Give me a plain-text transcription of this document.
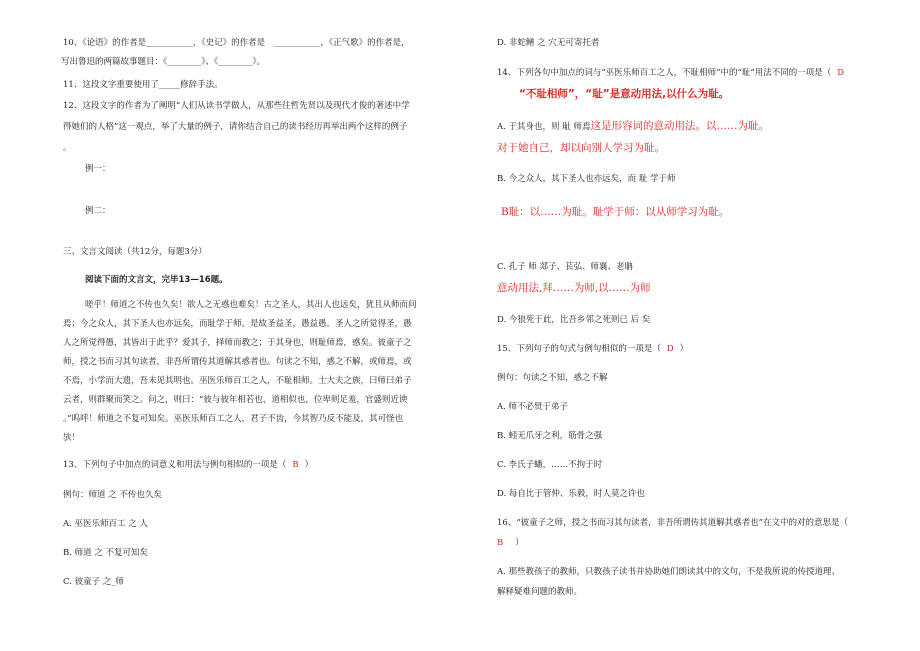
10、《论语》的作者是___________，《史记》的作者是　___________，《正气歌》的作者是，
写出鲁迅的两篇故事题目：《________》、《________》。
11、这段文字重要使用了_____修辞手法。
12、这段文字的作者为了阐明“人们从读书学做人，从那些往哲先贤以及现代才俊的著述中学
得她们的人格”这一观点，举了大量的例子，请你结合自己的读书经历再举出两个这样的例子
。
例一：
例二：
三、文言文阅读（共12分，每题3分）
阅读下面的文言文，完毕13—16题。
嗟乎！师道之不传也久矣！欲人之无惑也难矣！古之圣人，其出人也远矣，犹且从师而问
焉；今之众人，其下圣人也亦远矣，而耻学于师。是故圣益圣，愚益愚。圣人之所觉得圣，愚
人之所觉得愚，其皆出于此乎？爱其子，择师而教之；于其身也，则耻师焉，惑矣。彼童子之
师，授之书而习其句读者，非吾所谓传其道解其惑者也。句读之不知，惑之不解，或师焉，或
不焉，小学而大遗，吾未见其明也。巫医乐师百工之人，不耻相师。士大夫之族，曰师曰弟子
云者，则群聚而笑之。问之，则曰：“彼与彼年相若也，道相似也，位卑则足羞，官盛则近谀
。”呜呼！师道之不复可知矣。巫医乐师百工之人，君子不齿，今其智乃反不能及，其可怪也
欤！
13、下列句子中加点的词意义和用法与例句相似的一项是（ B ）
例句：师道 之 不传也久矣
A. 巫医乐师百工 之 人
B. 师道 之 不复可知矣
C. 彼童子 之_师
D. 非蛇鳝 之 穴无可寄托者
14、下列各句中加点的词与“巫医乐师百工之人，不耻相师”中的“耻”用法不同的一项是（ D
“不耻相师”，“耻”是意动用法,以什么为耻。
A. 于其身也，则 耻 师焉这是形容词的意动用法。以……为耻。
对于她自己，却以向别人学习为耻。
B. 今之众人，其下圣人也亦远矣，而 耻 学于师
B耻：以……为耻。耻学于师：以从师学习为耻。
C. 孔子 师 郯子、苌弘、师襄、老聃
意动用法,拜……为师,以……为师
D. 今狼死于此，比吾乡邻之死则已 后 矣
15、下列句子的句式与例句相似的一项是（ D ）
例句：句读之不知，惑之不解
A. 师不必贤于弟子
B. 蚓无爪牙之利，筋骨之强
C. 李氏子蟠，……不拘于时
D. 每自比于管仲、乐毅，时人莫之许也
16、“彼童子之师，授之书而习其句读者，非吾所谓传其道解其惑者也”在文中的对的意思是（
B ）
A. 那些教孩子的教师，只教孩子读书并协助她们朗读其中的文句，不是我所说的传授道理、
解释疑难问题的教师。
